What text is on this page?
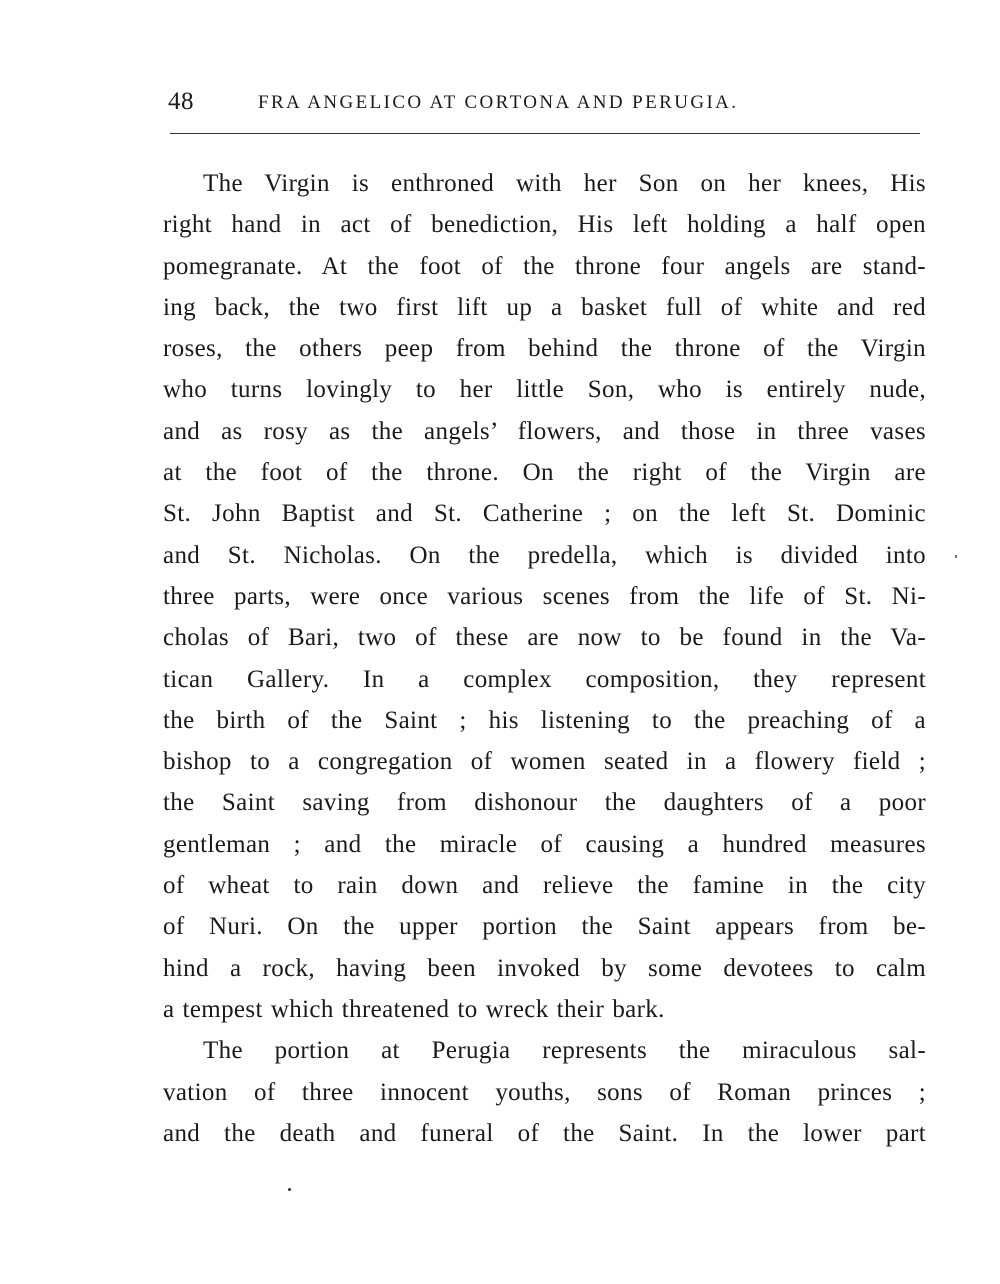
48	FRA ANGELICO AT CORTONA AND PERUGIA.
The Virgin is enthroned with her Son on her knees, His
right hand in act of benediction, His left holding a half open
pomegranate. At the foot of the throne four angels are stand-
ing back, the two first lift up a basket full of white and red
roses, the others peep from behind the throne of the Virgin
who turns lovingly to her little Son, who is entirely nude,
and as rosy as the angels’ flowers, and those in three vases
at the foot of the throne. On the right of the Virgin are
St. John Baptist and St. Catherine ; on the left St. Dominic
and St. Nicholas. On the predella, which is divided into
three parts, were once various scenes from the life of St. Ni-
cholas of Bari, two of these are now to be found in the Va-
tican Gallery. In a complex composition, they represent
the birth of the Saint ; his listening to the preaching of a
bishop to a congregation of women seated in a flowery field ;
the Saint saving from dishonour the daughters of a poor
gentleman ; and the miracle of causing a hundred measures
of wheat to rain down and relieve the famine in the city
of Nuri. On the upper portion the Saint appears from be-
hind a rock, having been invoked by some devotees to calm
a tempest which threatened to wreck their bark.
The portion at Perugia represents the miraculous sal-
vation of three innocent youths, sons of Roman princes ;
and the death and funeral of the Saint. In the lower part
